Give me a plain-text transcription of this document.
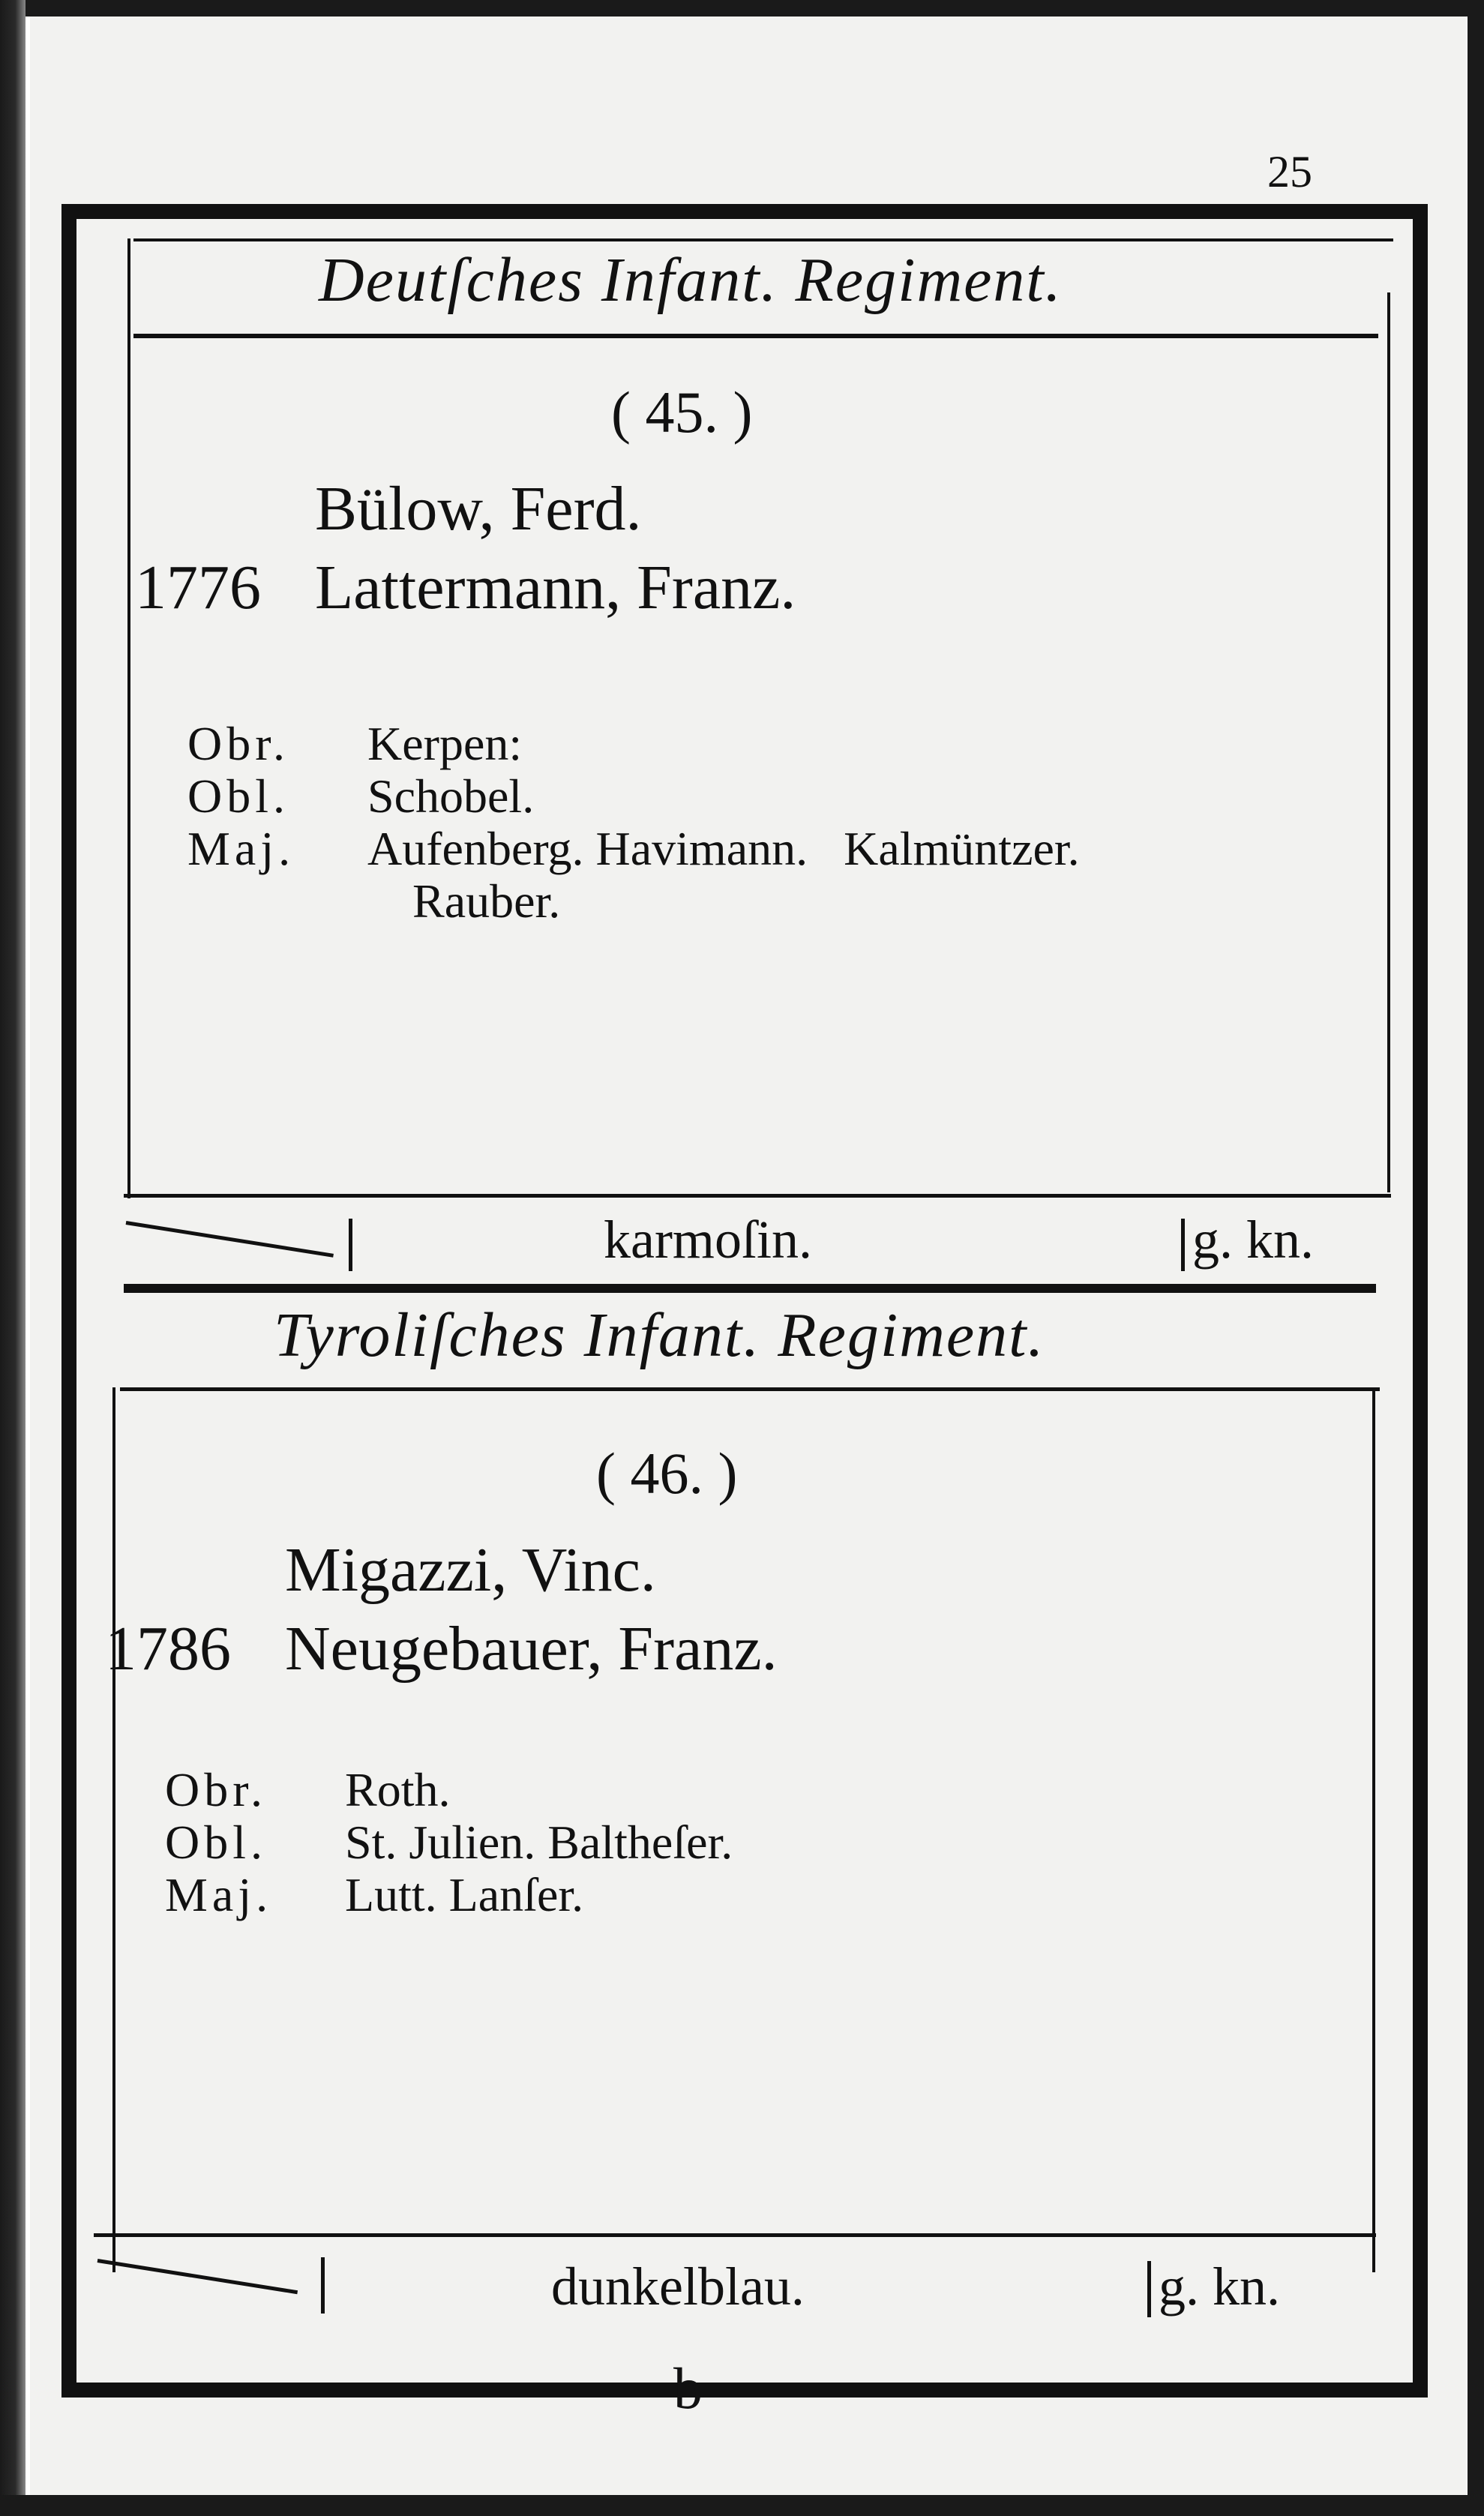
25
Deutſches Infant. Regiment.
( 45. )
Bülow, Ferd.
1776 Lattermann, Franz.
Obr. Kerpen:
Obl. Schobel.
Maj. Aufenberg. Havimann.   Kalmüntzer.
Rauber.
karmoſin.	g. kn.
Tyroliſches Infant. Regiment.
( 46. )
Migazzi, Vinc.
1786 Neugebauer, Franz.
Obr. Roth.
Obl. St. Julien. Baltheſer.
Maj. Lutt. Lanſer.
dunkelblau.	g. kn.
b
